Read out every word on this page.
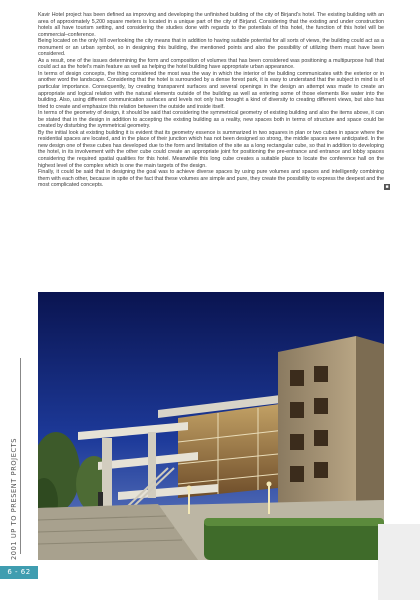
Kavir Hotel project has been defined as improving and developing the unfinished building of the city of Birjand's hotel. The existing building with an area of approximately 5,200 square meters is located in a unique part of the city of Birjand. Considering that the existing and under construction hotels all have tourism setting, and considering the studies done with regards to the potentials of this hotel, the function of this hotel will be commercial–conference.

Being located on the only hill overlooking the city means that in addition to having suitable potential for all sorts of views, the building could act as a monument or an urban symbol, so in designing this building, the mentioned points and also the possibility of utilizing them must have been considered.

As a result, one of the issues determining the form and composition of volumes that has been considered was positioning a multipurpose hall that could act as the hotel's main feature as well as helping the hotel building have appropriate urban appearance.

In terms of design concepts, the thing considered the most was the way in which the interior of the building communicates with the exterior or in another word the landscape. Considering that the hotel is surrounded by a dense forest park, it is easy to understand that the subject in mind is of particular importance. Consequently, by creating transparent surfaces and several openings in the design an attempt was made to create an appropriate and logical relation with the natural elements outside of the building as well as entering some of those elements like water into the building. Also, using different communication surfaces and levels not only has brought a kind of diversity to creating different views, but also has tried to create and emphasize this relation between the outside and inside itself.

In terms of the geometry of design, it should be said that considering the symmetrical geometry of existing building and also the items above, it can be stated that in the design in addition to accepting the existing building as a reality, new spaces both in terms of structure and space could be created by disturbing the symmetrical geometry.

By the initial look at existing building it is evident that its geometry essence is summarized in two squares in plan or two cubes in space where the residential spaces are located, and in the place of their junction which has not been designed so strong, the middle spaces were anticipated. In the new design one of these cubes has developed due to the form and limitation of the site as a long rectangular cube, so that in addition to developing the hotel, in its involvement with the other cube could create an appropriate joint for positioning the pre-entrance and entrance and lobby spaces considering the required spatial qualities for this hotel. Meanwhile this long cube creates a suitable place to locate the conference hall on the highest level of the complex which is one the main targets of the design.

Finally, it could be said that in designing the goal was to achieve diverse spaces by using pure volumes and spaces and intelligently combining them with each other, because in spite of the fact that these volumes are simple and pure, they create the possibility to express the deepest and the most complicated concepts.	■

2001 UP TO PRESENT PROJECTS
6 - 62
